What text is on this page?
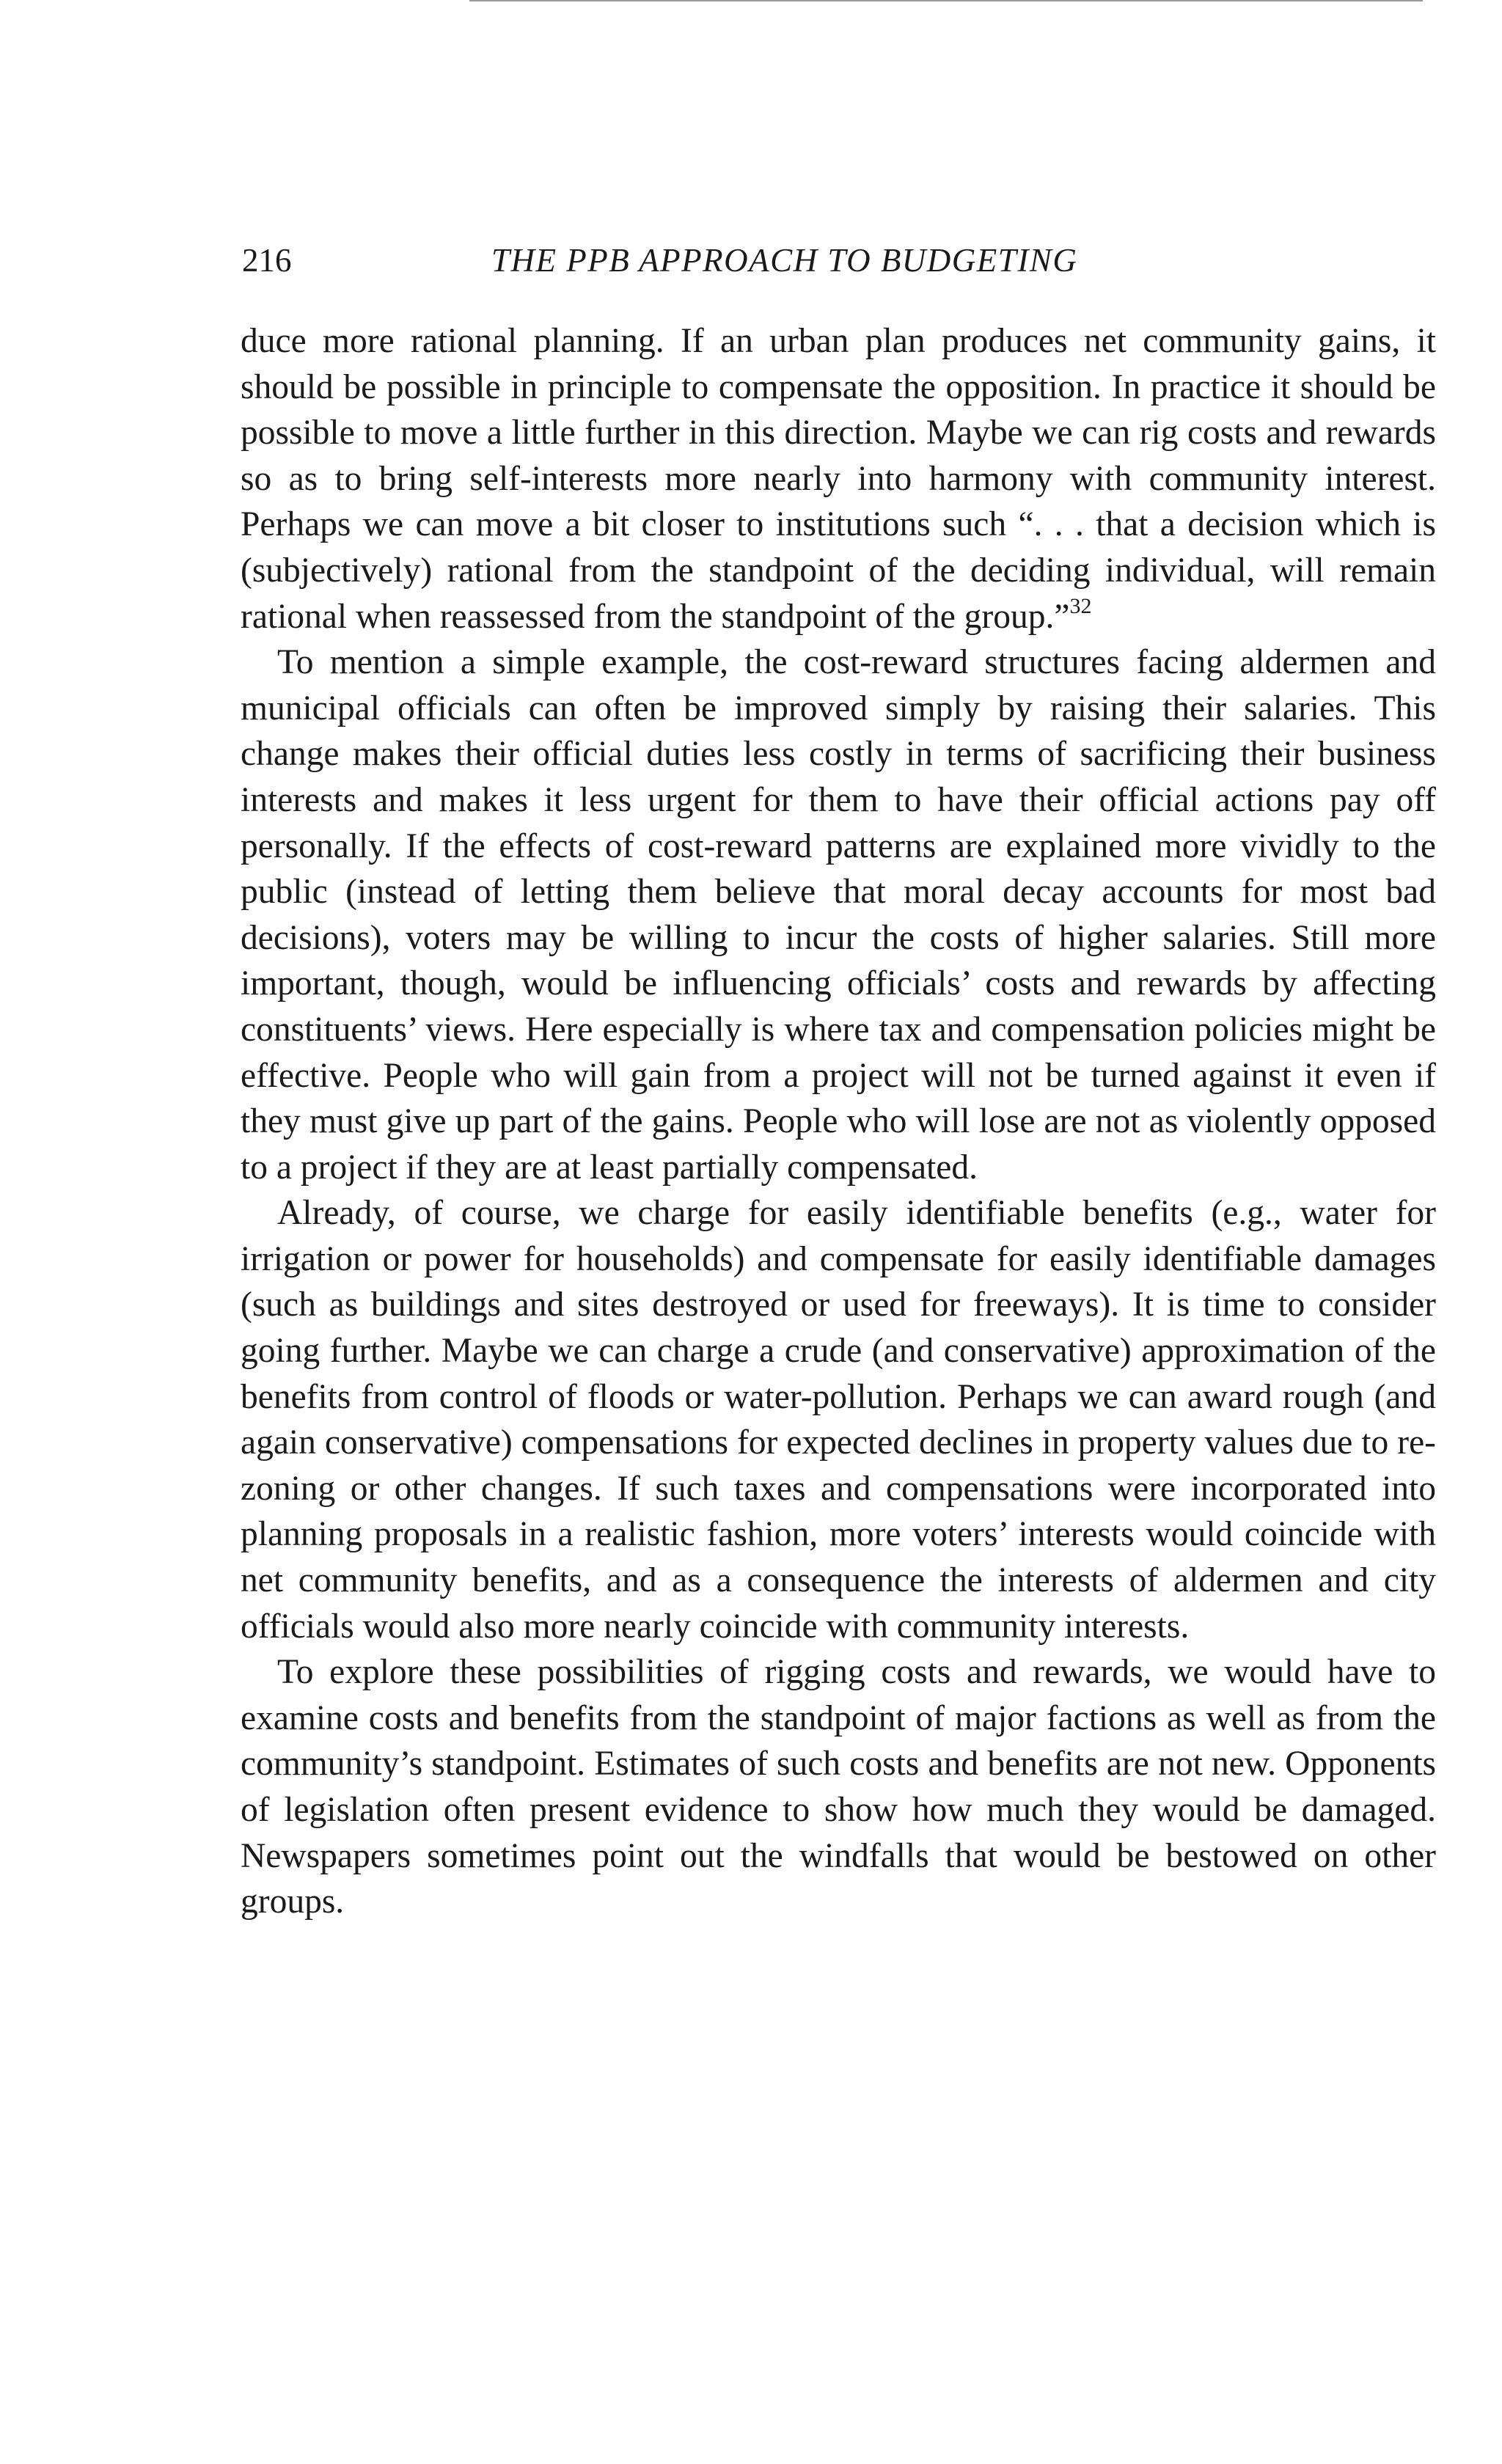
216	THE PPB APPROACH TO BUDGETING

duce more rational planning. If an urban plan produces net community gains, it should be possible in principle to compensate the opposition. In practice it should be possible to move a little further in this direction. Maybe we can rig costs and rewards so as to bring self-interests more nearly into harmony with community interest. Perhaps we can move a bit closer to institutions such “. . . that a decision which is (subjectively) rational from the standpoint of the deciding individual, will remain rational when reassessed from the standpoint of the group.”$^{32}$

To mention a simple example, the cost-reward structures facing aldermen and municipal officials can often be improved simply by raising their salaries. This change makes their official duties less costly in terms of sacrificing their business interests and makes it less urgent for them to have their official actions pay off personally. If the effects of cost-reward patterns are explained more vividly to the public (instead of letting them believe that moral decay accounts for most bad decisions), voters may be willing to incur the costs of higher salaries. Still more important, though, would be influencing officials’ costs and rewards by affecting constituents’ views. Here especially is where tax and compensation policies might be effective. People who will gain from a project will not be turned against it even if they must give up part of the gains. People who will lose are not as violently opposed to a project if they are at least partially compensated.

Already, of course, we charge for easily identifiable benefits (e.g., water for irrigation or power for households) and compensate for easily identifiable damages (such as buildings and sites destroyed or used for freeways). It is time to consider going further. Maybe we can charge a crude (and conservative) approximation of the benefits from control of floods or water-pollution. Perhaps we can award rough (and again conservative) compensations for expected declines in property values due to re-zoning or other changes. If such taxes and compensations were incorporated into planning proposals in a realistic fashion, more voters’ interests would coincide with net community benefits, and as a consequence the interests of aldermen and city officials would also more nearly coincide with community interests.

To explore these possibilities of rigging costs and rewards, we would have to examine costs and benefits from the standpoint of major factions as well as from the community’s standpoint. Estimates of such costs and benefits are not new. Opponents of legislation often present evidence to show how much they would be damaged. Newspapers sometimes point out the windfalls that would be bestowed on other groups.
